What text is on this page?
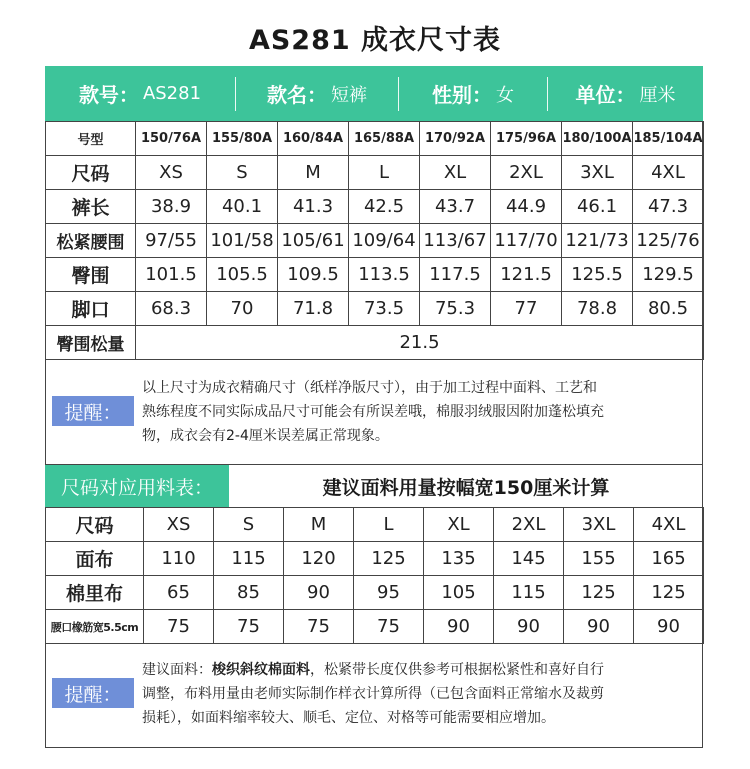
AS281 成衣尺寸表
款号： AS281	款名： 短裤	性别： 女	单位： 厘米
号型	150/76A	155/80A	160/84A	165/88A	170/92A	175/96A	180/100A	185/104A
尺码	XS	S	M	L	XL	2XL	3XL	4XL
裤长	38.9	40.1	41.3	42.5	43.7	44.9	46.1	47.3
松紧腰围	97/55	101/58	105/61	109/64	113/67	117/70	121/73	125/76
臀围	101.5	105.5	109.5	113.5	117.5	121.5	125.5	129.5
脚口	68.3	70	71.8	73.5	75.3	77	78.8	80.5
臀围松量	21.5							
提醒：
以上尺寸为成衣精确尺寸（纸样净版尺寸），由于加工过程中面料、工艺和
熟练程度不同实际成品尺寸可能会有所误差哦，棉服羽绒服因附加蓬松填充
物，成衣会有2-4厘米误差属正常现象。
尺码对应用料表：	建议面料用量按幅宽150厘米计算
尺码	XS	S	M	L	XL	2XL	3XL	4XL
面布	110	115	120	125	135	145	155	165
棉里布	65	85	90	95	105	115	125	125
腰口橡筋宽5.5cm	75	75	75	75	90	90	90	90
提醒：
建议面料：梭织斜纹棉面料，松紧带长度仅供参考可根据松紧性和喜好自行
调整，布料用量由老师实际制作样衣计算所得（已包含面料正常缩水及裁剪
损耗），如面料缩率较大、顺毛、定位、对格等可能需要相应增加。
